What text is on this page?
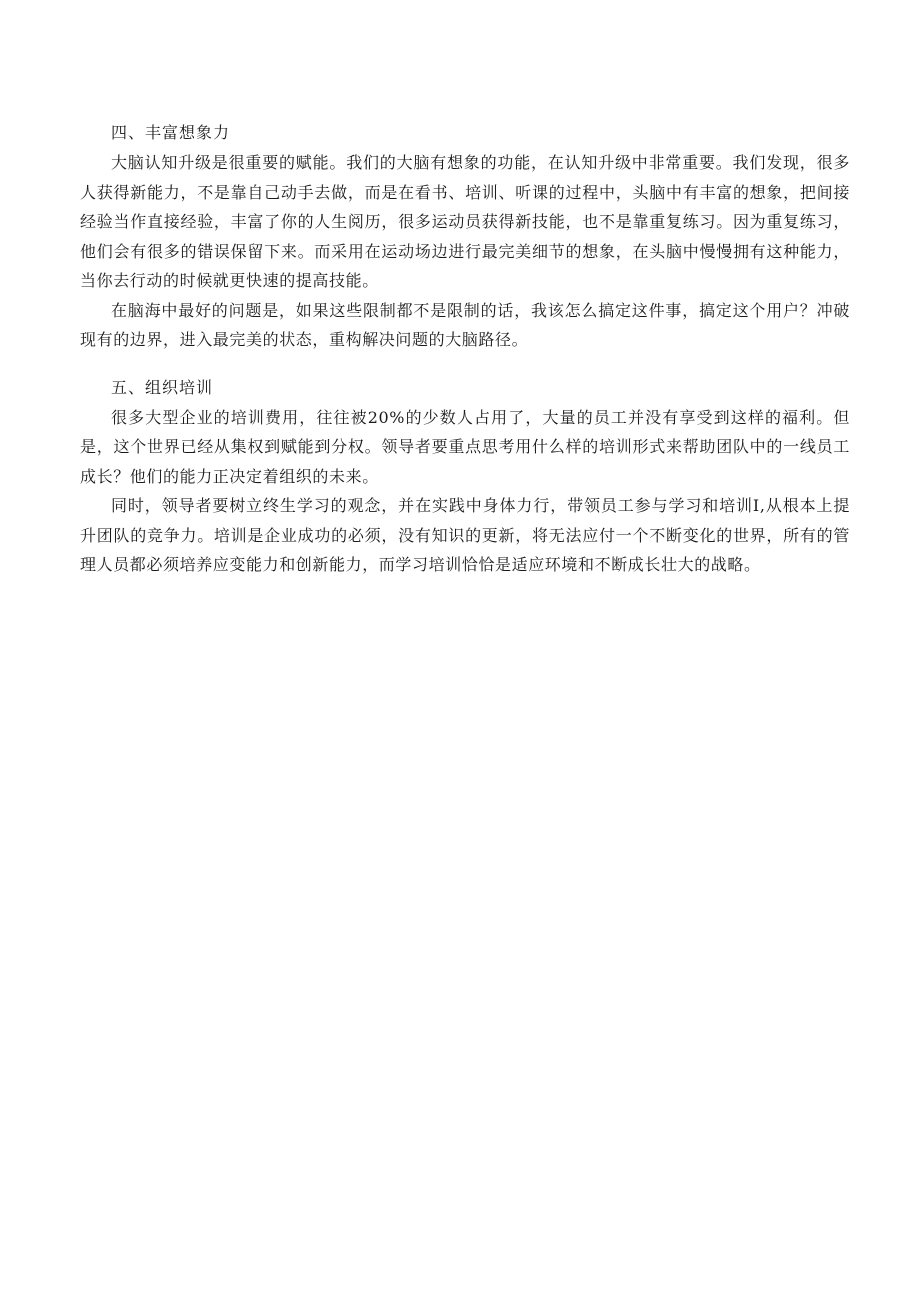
四、丰富想象力

大脑认知升级是很重要的赋能。我们的大脑有想象的功能，在认知升级中非常重要。我们发现，很多人获得新能力，不是靠自己动手去做，而是在看书、培训、听课的过程中，头脑中有丰富的想象，把间接经验当作直接经验，丰富了你的人生阅历，很多运动员获得新技能，也不是靠重复练习。因为重复练习，他们会有很多的错误保留下来。而采用在运动场边进行最完美细节的想象，在头脑中慢慢拥有这种能力，当你去行动的时候就更快速的提高技能。

在脑海中最好的问题是，如果这些限制都不是限制的话，我该怎么搞定这件事，搞定这个用户？冲破现有的边界，进入最完美的状态，重构解决问题的大脑路径。

五、组织培训

很多大型企业的培训费用，往往被20%的少数人占用了，大量的员工并没有享受到这样的福利。但是，这个世界已经从集权到赋能到分权。领导者要重点思考用什么样的培训形式来帮助团队中的一线员工成长？他们的能力正决定着组织的未来。

同时，领导者要树立终生学习的观念，并在实践中身体力行，带领员工参与学习和培训I,从根本上提升团队的竞争力。培训是企业成功的必须，没有知识的更新，将无法应付一个不断变化的世界，所有的管理人员都必须培养应变能力和创新能力，而学习培训恰恰是适应环境和不断成长壮大的战略。
